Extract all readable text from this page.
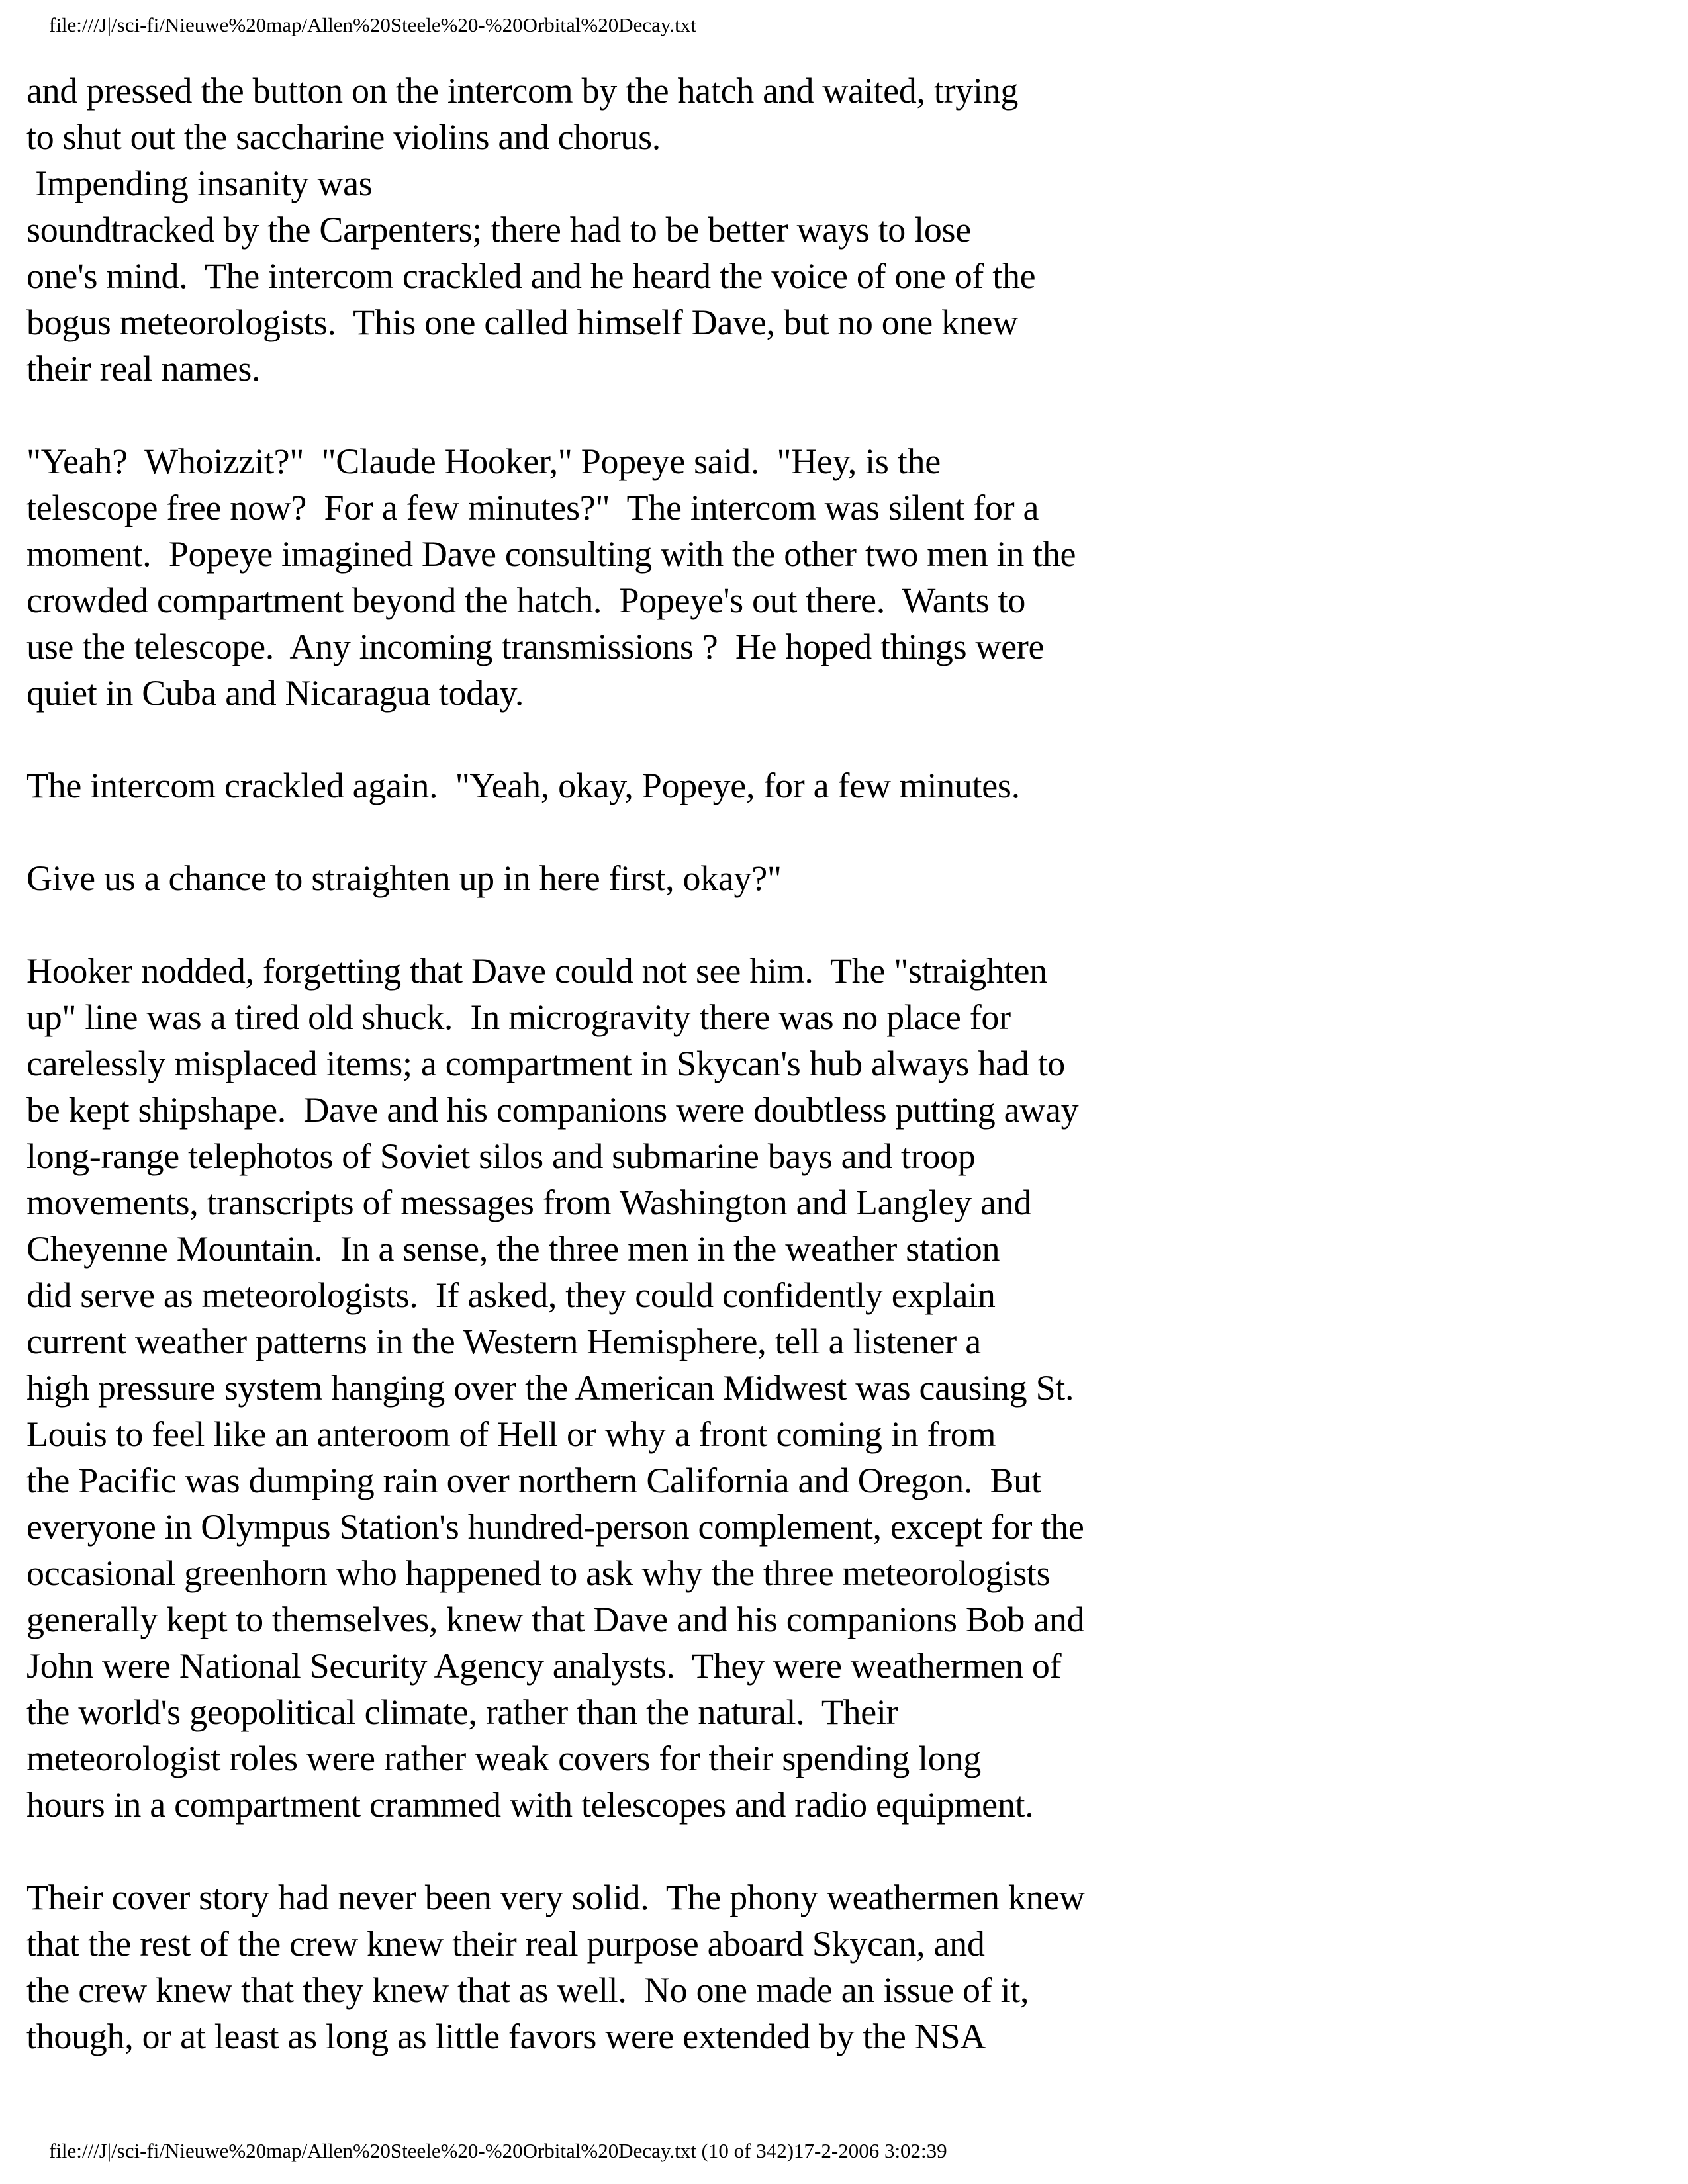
file:///J|/sci-fi/Nieuwe%20map/Allen%20Steele%20-%20Orbital%20Decay.txt
and pressed the button on the intercom by the hatch and waited, trying
to shut out the saccharine violins and chorus.
Impending insanity was
soundtracked by the Carpenters; there had to be better ways to lose
one's mind.  The intercom crackled and he heard the voice of one of the
bogus meteorologists.  This one called himself Dave, but no one knew
their real names.
"Yeah?  Whoizzit?"  "Claude Hooker," Popeye said.  "Hey, is the
telescope free now?  For a few minutes?"  The intercom was silent for a
moment.  Popeye imagined Dave consulting with the other two men in the
crowded compartment beyond the hatch.  Popeye's out there.  Wants to
use the telescope.  Any incoming transmissions ?  He hoped things were
quiet in Cuba and Nicaragua today.
The intercom crackled again.  "Yeah, okay, Popeye, for a few minutes.
Give us a chance to straighten up in here first, okay?"
Hooker nodded, forgetting that Dave could not see him.  The "straighten
up" line was a tired old shuck.  In microgravity there was no place for
carelessly misplaced items; a compartment in Skycan's hub always had to
be kept shipshape.  Dave and his companions were doubtless putting away
long-range telephotos of Soviet silos and submarine bays and troop
movements, transcripts of messages from Washington and Langley and
Cheyenne Mountain.  In a sense, the three men in the weather station
did serve as meteorologists.  If asked, they could confidently explain
current weather patterns in the Western Hemisphere, tell a listener a
high pressure system hanging over the American Midwest was causing St.
Louis to feel like an anteroom of Hell or why a front coming in from
the Pacific was dumping rain over northern California and Oregon.  But
everyone in Olympus Station's hundred-person complement, except for the
occasional greenhorn who happened to ask why the three meteorologists
generally kept to themselves, knew that Dave and his companions Bob and
John were National Security Agency analysts.  They were weathermen of
the world's geopolitical climate, rather than the natural.  Their
meteorologist roles were rather weak covers for their spending long
hours in a compartment crammed with telescopes and radio equipment.
Their cover story had never been very solid.  The phony weathermen knew
that the rest of the crew knew their real purpose aboard Skycan, and
the crew knew that they knew that as well.  No one made an issue of it,
though, or at least as long as little favors were extended by the NSA
file:///J|/sci-fi/Nieuwe%20map/Allen%20Steele%20-%20Orbital%20Decay.txt (10 of 342)17-2-2006 3:02:39
